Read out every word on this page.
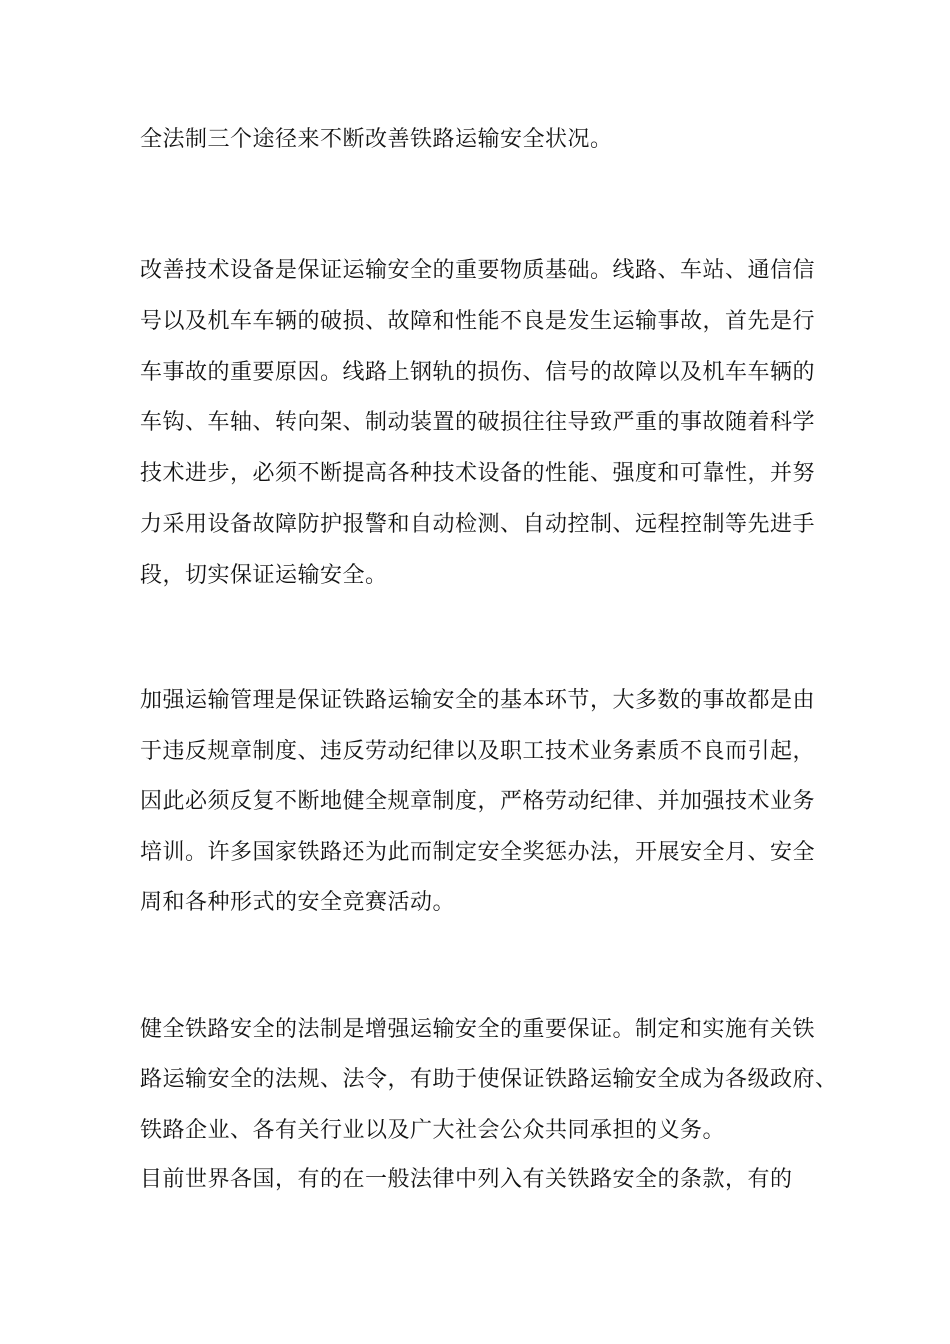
全法制三个途径来不断改善铁路运输安全状况。
改善技术设备是保证运输安全的重要物质基础。线路、车站、通信信
号以及机车车辆的破损、故障和性能不良是发生运输事故，首先是行
车事故的重要原因。线路上钢轨的损伤、信号的故障以及机车车辆的
车钩、车轴、转向架、制动装置的破损往往导致严重的事故随着科学
技术进步，必须不断提高各种技术设备的性能、强度和可靠性，并努
力采用设备故障防护报警和自动检测、自动控制、远程控制等先进手
段，切实保证运输安全。
加强运输管理是保证铁路运输安全的基本环节，大多数的事故都是由
于违反规章制度、违反劳动纪律以及职工技术业务素质不良而引起，
因此必须反复不断地健全规章制度，严格劳动纪律、并加强技术业务
培训。许多国家铁路还为此而制定安全奖惩办法，开展安全月、安全
周和各种形式的安全竞赛活动。
健全铁路安全的法制是增强运输安全的重要保证。制定和实施有关铁
路运输安全的法规、法令，有助于使保证铁路运输安全成为各级政府、
铁路企业、各有关行业以及广大社会公众共同承担的义务。
目前世界各国，有的在一般法律中列入有关铁路安全的条款，有的
